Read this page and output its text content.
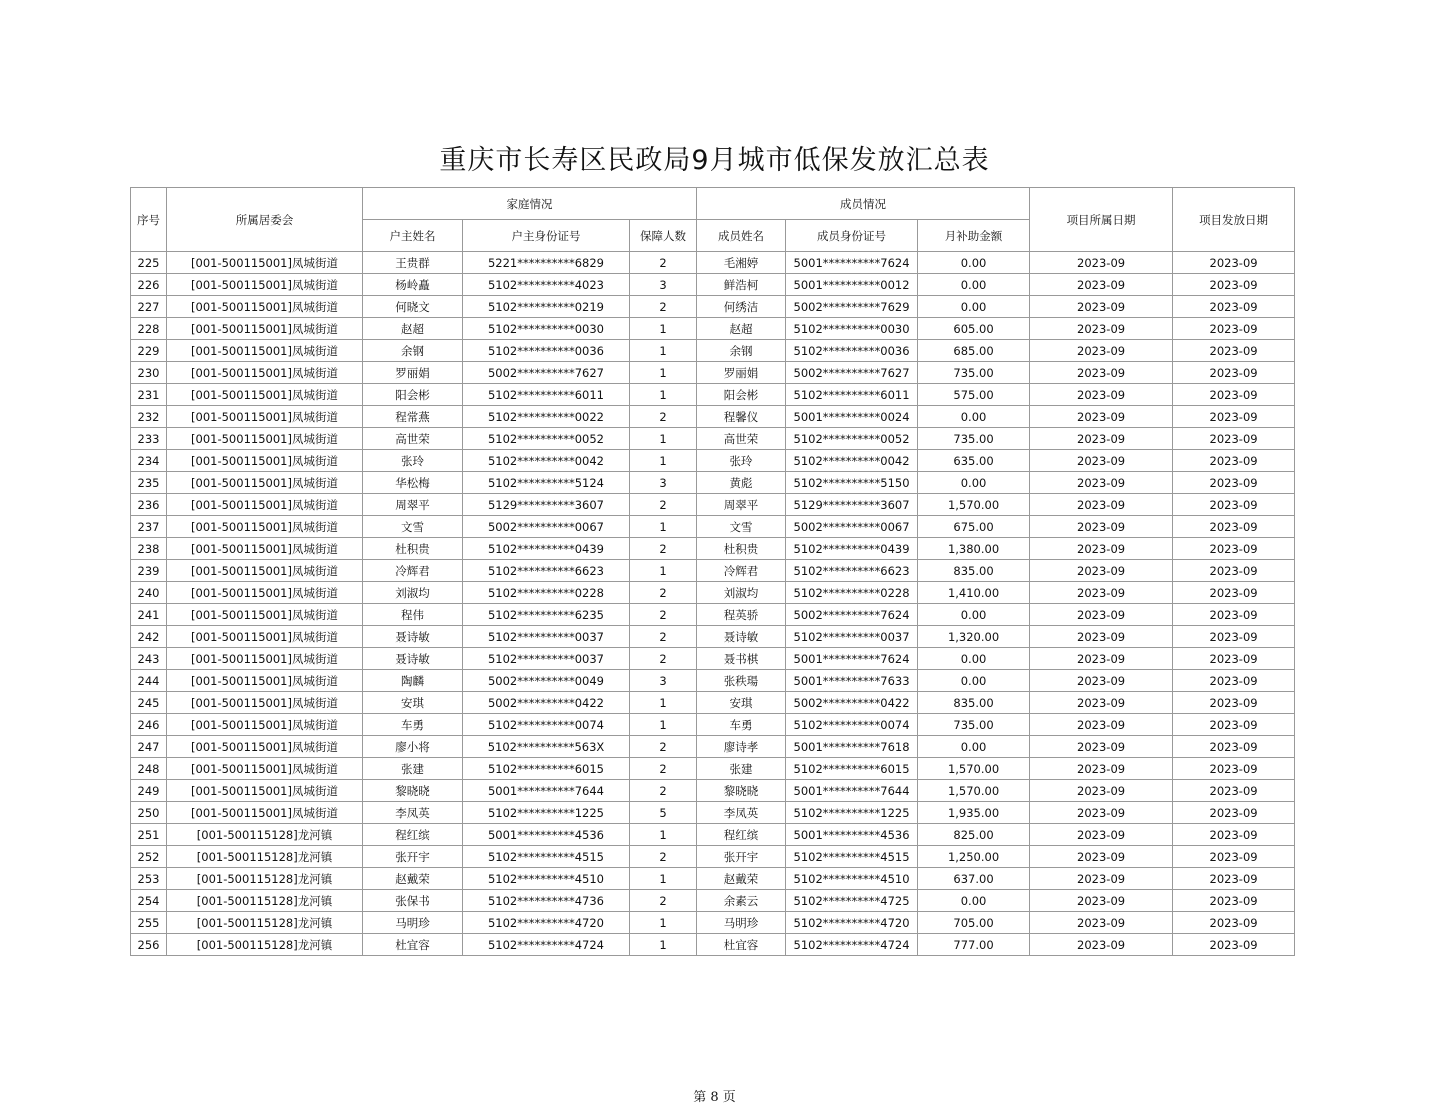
重庆市长寿区民政局9月城市低保发放汇总表
序号	所属居委会	家庭情况			成员情况			项目所属日期	项目发放日期
		户主姓名	户主身份证号	保障人数	成员姓名	成员身份证号	月补助金额		
225	[001-500115001]凤城街道	王贵群	5221**********6829	2	毛湘婷	5001**********7624	0.00	2023-09	2023-09
226	[001-500115001]凤城街道	杨岭矗	5102**********4023	3	鲜浩柯	5001**********0012	0.00	2023-09	2023-09
227	[001-500115001]凤城街道	何晓文	5102**********0219	2	何绣洁	5002**********7629	0.00	2023-09	2023-09
228	[001-500115001]凤城街道	赵超	5102**********0030	1	赵超	5102**********0030	605.00	2023-09	2023-09
229	[001-500115001]凤城街道	余钢	5102**********0036	1	余钢	5102**********0036	685.00	2023-09	2023-09
230	[001-500115001]凤城街道	罗丽娟	5002**********7627	1	罗丽娟	5002**********7627	735.00	2023-09	2023-09
231	[001-500115001]凤城街道	阳会彬	5102**********6011	1	阳会彬	5102**********6011	575.00	2023-09	2023-09
232	[001-500115001]凤城街道	程常燕	5102**********0022	2	程馨仪	5001**********0024	0.00	2023-09	2023-09
233	[001-500115001]凤城街道	高世荣	5102**********0052	1	高世荣	5102**********0052	735.00	2023-09	2023-09
234	[001-500115001]凤城街道	张玲	5102**********0042	1	张玲	5102**********0042	635.00	2023-09	2023-09
235	[001-500115001]凤城街道	华松梅	5102**********5124	3	黄彪	5102**********5150	0.00	2023-09	2023-09
236	[001-500115001]凤城街道	周翠平	5129**********3607	2	周翠平	5129**********3607	1,570.00	2023-09	2023-09
237	[001-500115001]凤城街道	文雪	5002**********0067	1	文雪	5002**********0067	675.00	2023-09	2023-09
238	[001-500115001]凤城街道	杜积贵	5102**********0439	2	杜积贵	5102**********0439	1,380.00	2023-09	2023-09
239	[001-500115001]凤城街道	冷辉君	5102**********6623	1	冷辉君	5102**********6623	835.00	2023-09	2023-09
240	[001-500115001]凤城街道	刘淑均	5102**********0228	2	刘淑均	5102**********0228	1,410.00	2023-09	2023-09
241	[001-500115001]凤城街道	程伟	5102**********6235	2	程英骄	5002**********7624	0.00	2023-09	2023-09
242	[001-500115001]凤城街道	聂诗敏	5102**********0037	2	聂诗敏	5102**********0037	1,320.00	2023-09	2023-09
243	[001-500115001]凤城街道	聂诗敏	5102**********0037	2	聂书棋	5001**********7624	0.00	2023-09	2023-09
244	[001-500115001]凤城街道	陶麟	5002**********0049	3	张秩瑒	5001**********7633	0.00	2023-09	2023-09
245	[001-500115001]凤城街道	安琪	5002**********0422	1	安琪	5002**********0422	835.00	2023-09	2023-09
246	[001-500115001]凤城街道	车勇	5102**********0074	1	车勇	5102**********0074	735.00	2023-09	2023-09
247	[001-500115001]凤城街道	廖小将	5102**********563X	2	廖诗孝	5001**********7618	0.00	2023-09	2023-09
248	[001-500115001]凤城街道	张建	5102**********6015	2	张建	5102**********6015	1,570.00	2023-09	2023-09
249	[001-500115001]凤城街道	黎晓晓	5001**********7644	2	黎晓晓	5001**********7644	1,570.00	2023-09	2023-09
250	[001-500115001]凤城街道	李凤英	5102**********1225	5	李凤英	5102**********1225	1,935.00	2023-09	2023-09
251	[001-500115128]龙河镇	程红缤	5001**********4536	1	程红缤	5001**********4536	825.00	2023-09	2023-09
252	[001-500115128]龙河镇	张幵宇	5102**********4515	2	张幵宇	5102**********4515	1,250.00	2023-09	2023-09
253	[001-500115128]龙河镇	赵戴荣	5102**********4510	1	赵戴荣	5102**********4510	637.00	2023-09	2023-09
254	[001-500115128]龙河镇	张保书	5102**********4736	2	余素云	5102**********4725	0.00	2023-09	2023-09
255	[001-500115128]龙河镇	马明珍	5102**********4720	1	马明珍	5102**********4720	705.00	2023-09	2023-09
256	[001-500115128]龙河镇	杜宜容	5102**********4724	1	杜宜容	5102**********4724	777.00	2023-09	2023-09
第 8 页
